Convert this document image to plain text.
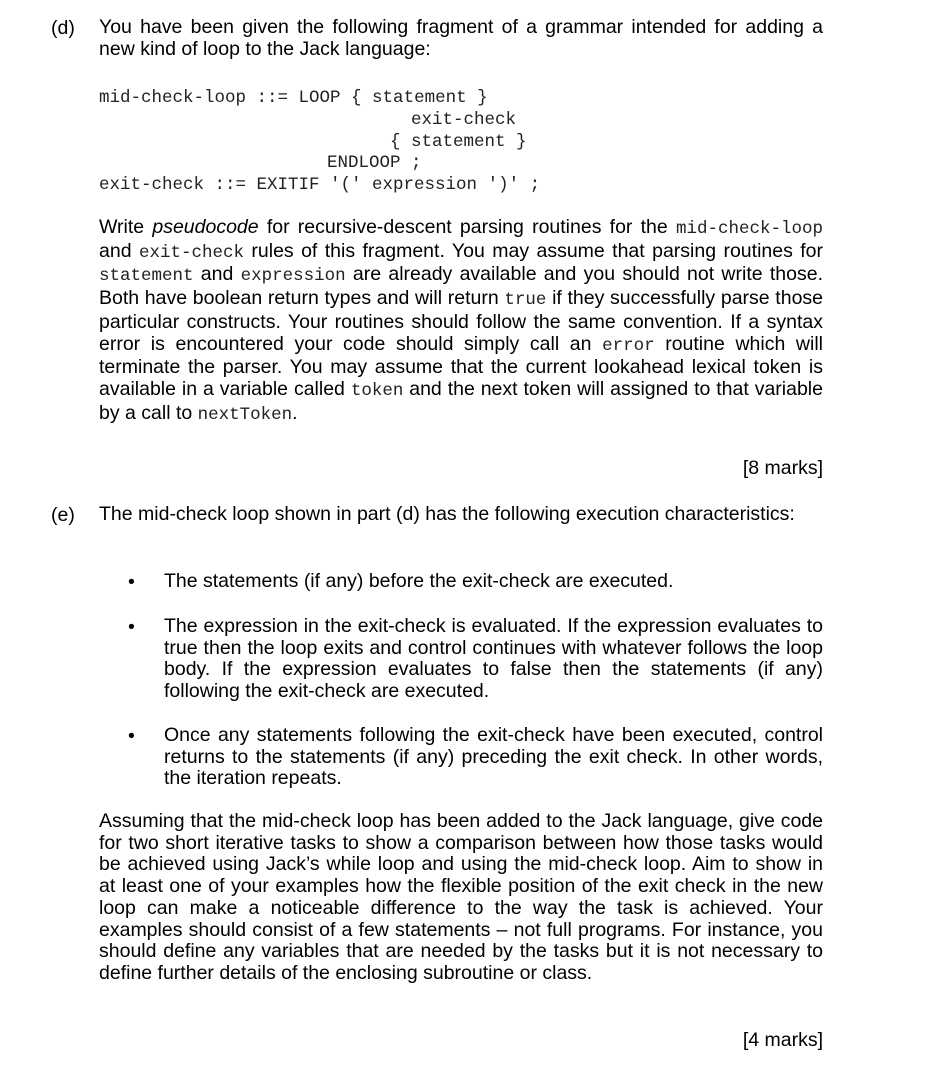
(d) You have been given the following fragment of a grammar intended for adding a new kind of loop to the Jack language:
mid-check-loop ::= LOOP { statement }
exit-check
{ statement }
ENDLOOP ;
exit-check ::= EXITIF '(' expression ')' ;
Write pseudocode for recursive-descent parsing routines for the mid-check-loop and exit-check rules of this fragment. You may assume that parsing routines for statement and expression are already available and you should not write those. Both have boolean return types and will return true if they successfully parse those particular constructs. Your routines should follow the same convention. If a syntax error is encountered your code should simply call an error routine which will terminate the parser. You may assume that the current lookahead lexical token is available in a variable called token and the next token will assigned to that variable by a call to nextToken.
[8 marks]
(e) The mid-check loop shown in part (d) has the following execution characteristics:
• The statements (if any) before the exit-check are executed.
• The expression in the exit-check is evaluated. If the expression evaluates to true then the loop exits and control continues with whatever follows the loop body. If the expression evaluates to false then the statements (if any) following the exit-check are executed.
• Once any statements following the exit-check have been executed, control returns to the statements (if any) preceding the exit check. In other words, the iteration repeats.
Assuming that the mid-check loop has been added to the Jack language, give code for two short iterative tasks to show a comparison between how those tasks would be achieved using Jack’s while loop and using the mid-check loop. Aim to show in at least one of your examples how the flexible position of the exit check in the new loop can make a noticeable difference to the way the task is achieved. Your examples should consist of a few statements – not full programs. For instance, you should define any variables that are needed by the tasks but it is not necessary to define further details of the enclosing subroutine or class.
[4 marks]
